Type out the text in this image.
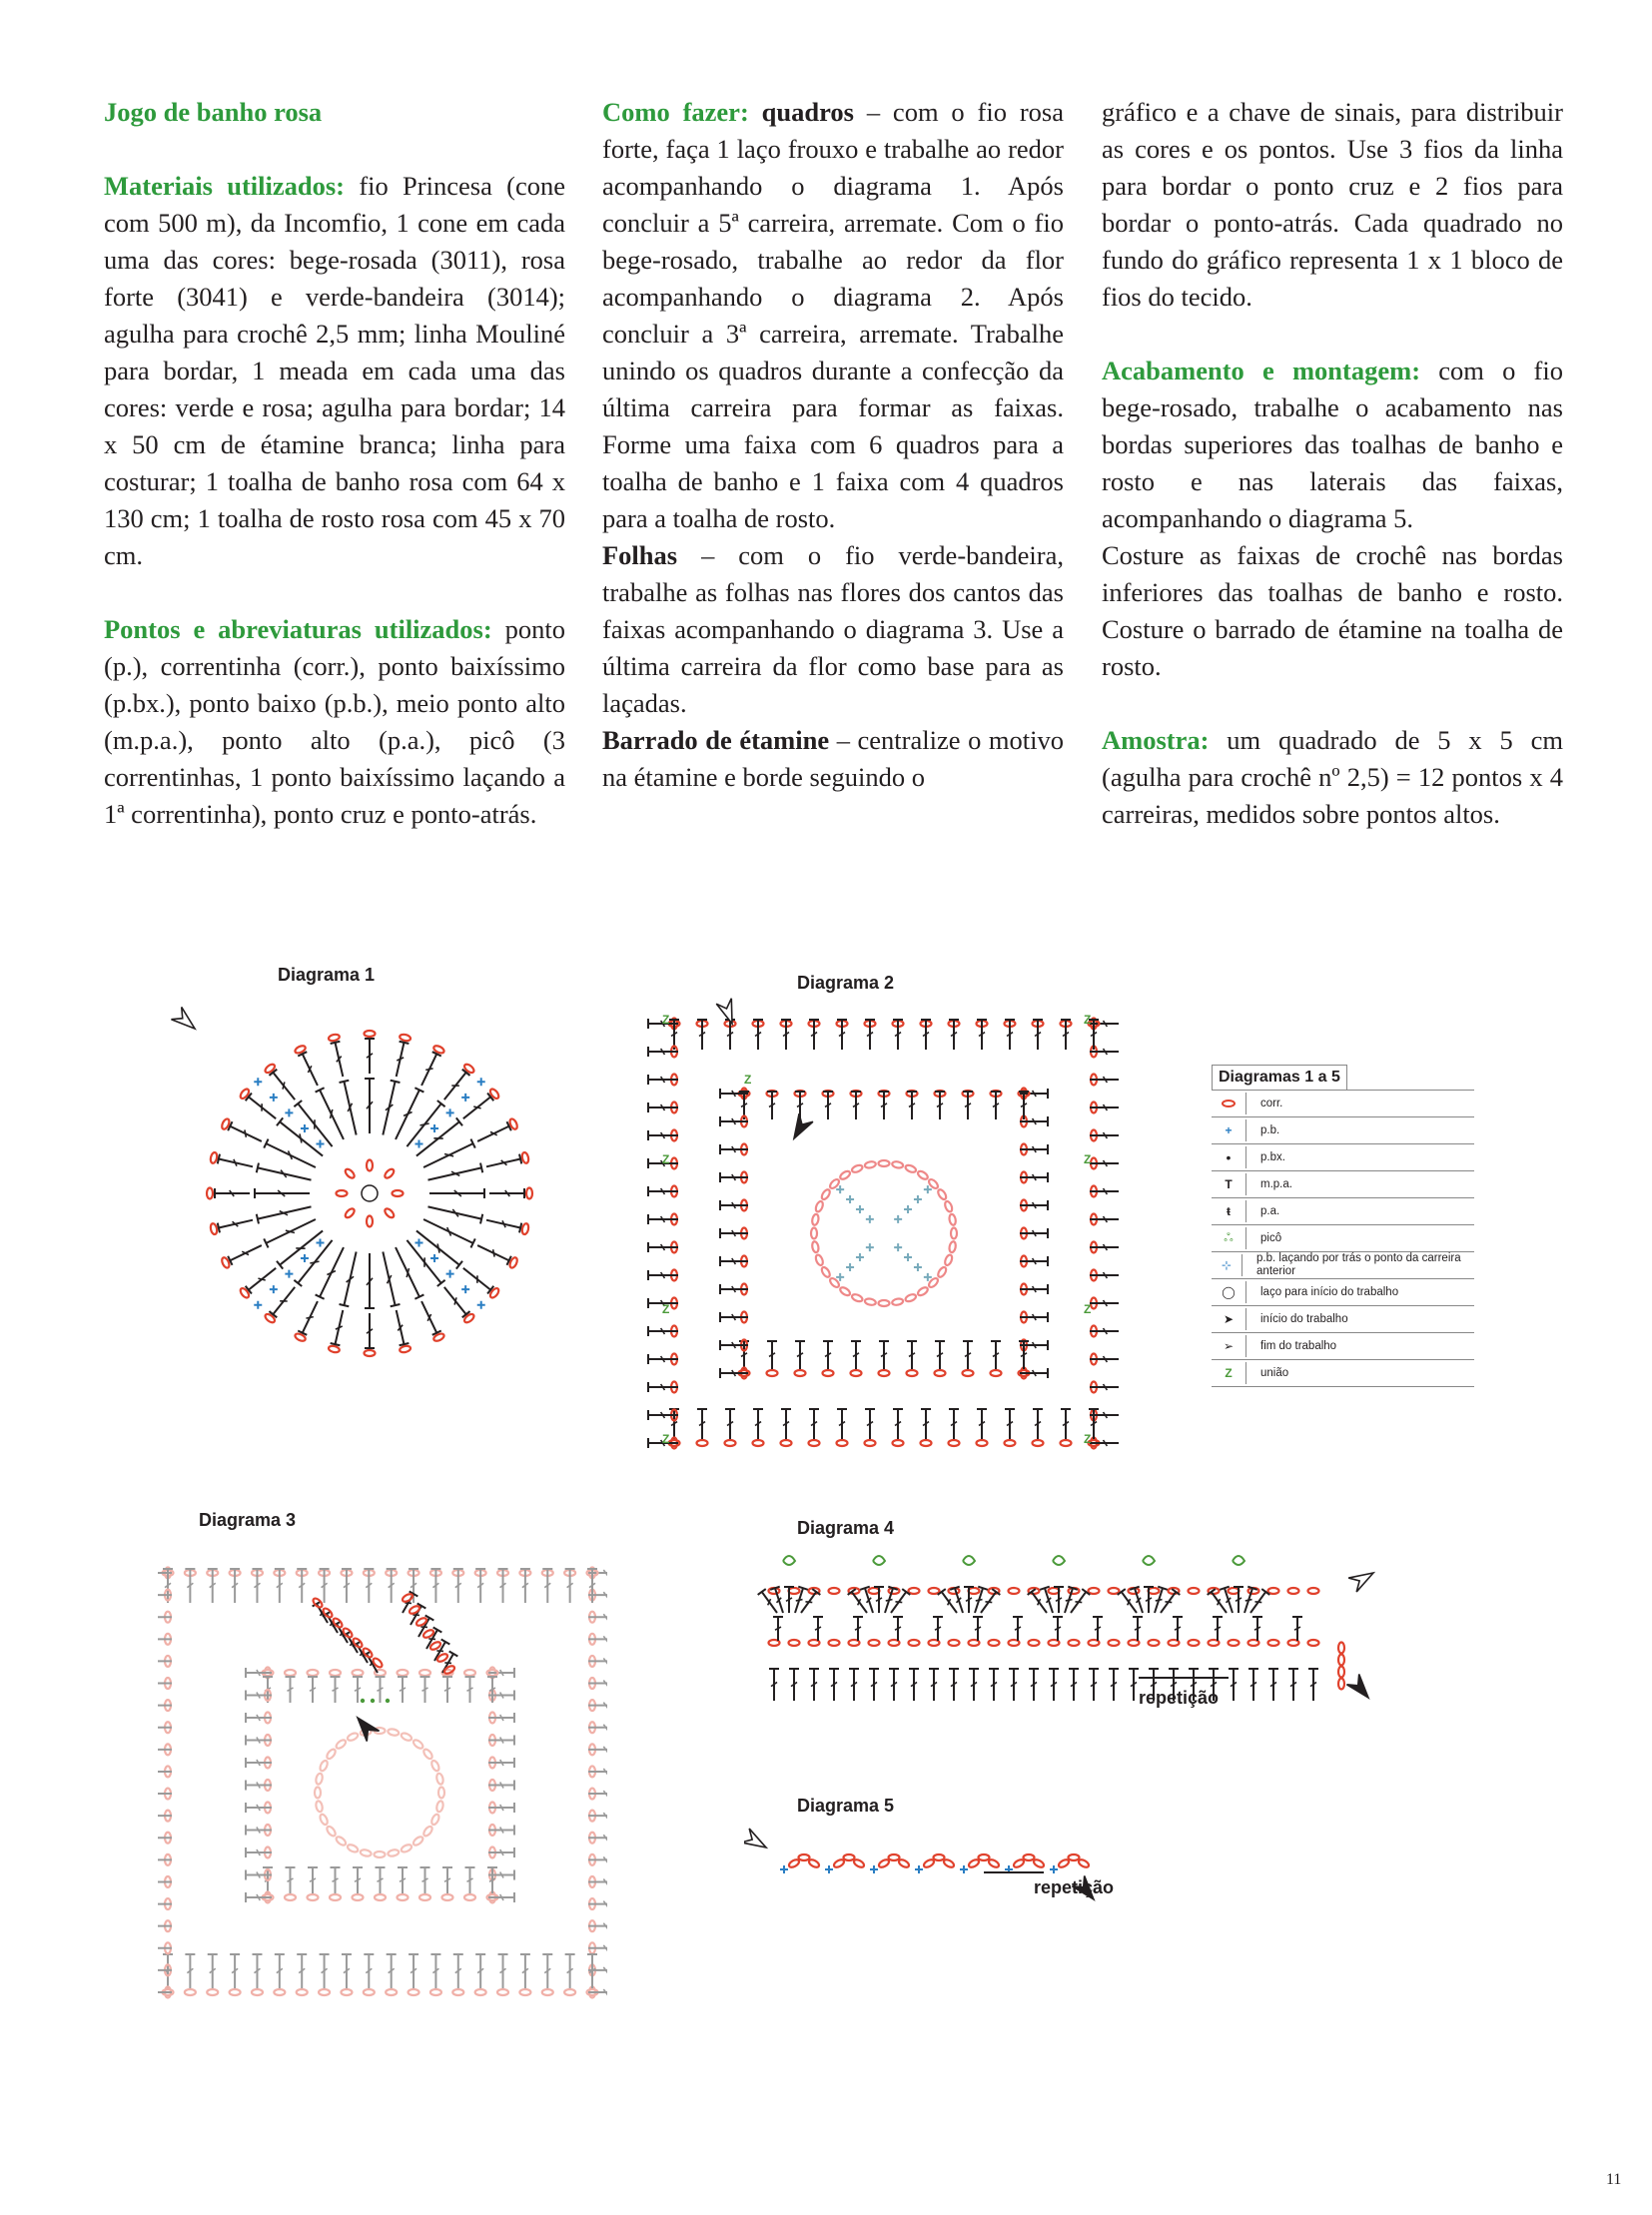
Jogo de banho rosa

Materiais utilizados: fio Princesa (cone com 500 m), da Incomfio, 1 cone em cada uma das cores: bege-rosada (3011), rosa forte (3041) e verde-bandeira (3014); agulha para crochê 2,5 mm; linha Mouliné para bordar, 1 meada em cada uma das cores: verde e rosa; agulha para bordar; 14 x 50 cm de étamine branca; linha para costurar; 1 toalha de banho rosa com 64 x 130 cm; 1 toalha de rosto rosa com 45 x 70 cm.

Pontos e abreviaturas utilizados: ponto (p.), correntinha (corr.), ponto baixíssimo (p.bx.), ponto baixo (p.b.), meio ponto alto (m.p.a.), ponto alto (p.a.), picô (3 correntinhas, 1 ponto baixíssimo laçando a 1ª correntinha), ponto cruz e ponto-atrás.

Como fazer: quadros – com o fio rosa forte, faça 1 laço frouxo e trabalhe ao redor acompanhando o diagrama 1. Após concluir a 5ª carreira, arremate. Com o fio bege-rosado, trabalhe ao redor da flor acompanhando o diagrama 2. Após concluir a 3ª carreira, arremate. Trabalhe unindo os quadros durante a confecção da última carreira para formar as faixas. Forme uma faixa com 6 quadros para a toalha de banho e 1 faixa com 4 quadros para a toalha de rosto.

Folhas – com o fio verde-bandeira, trabalhe as folhas nas flores dos cantos das faixas acompanhando o diagrama 3. Use a última carreira da flor como base para as laçadas.

Barrado de étamine – centralize o motivo na étamine e borde seguindo o

gráfico e a chave de sinais, para distribuir as cores e os pontos. Use 3 fios da linha para bordar o ponto cruz e 2 fios para bordar o ponto-atrás. Cada quadrado no fundo do gráfico representa 1 x 1 bloco de fios do tecido.

Acabamento e montagem: com o fio bege-rosado, trabalhe o acabamento nas bordas superiores das toalhas de banho e rosto e nas laterais das faixas, acompanhando o diagrama 5.

Costure as faixas de crochê nas bordas inferiores das toalhas de banho e rosto. Costure o barrado de étamine na toalha de rosto.

Amostra: um quadrado de 5 x 5 cm (agulha para crochê nº 2,5) = 12 pontos x 4 carreiras, medidos sobre pontos altos.

Diagrama 1	Diagrama 2
Diagrama 3	Diagrama 4
Diagrama 5
Z
Z
Z
Z
Z
Z
Z
Z
Z	Diagramas 1 a 5
corr.
+	p.b.
•	p.bx.
T	m.p.a.
ŧ	p.a.
ஃ	picô
⊹	p.b. laçando por trás o ponto da carreira anterior
◯	laço para início do trabalho
➤	início do trabalho
➢	fim do trabalho
Z	união
repetição
repetição
11
